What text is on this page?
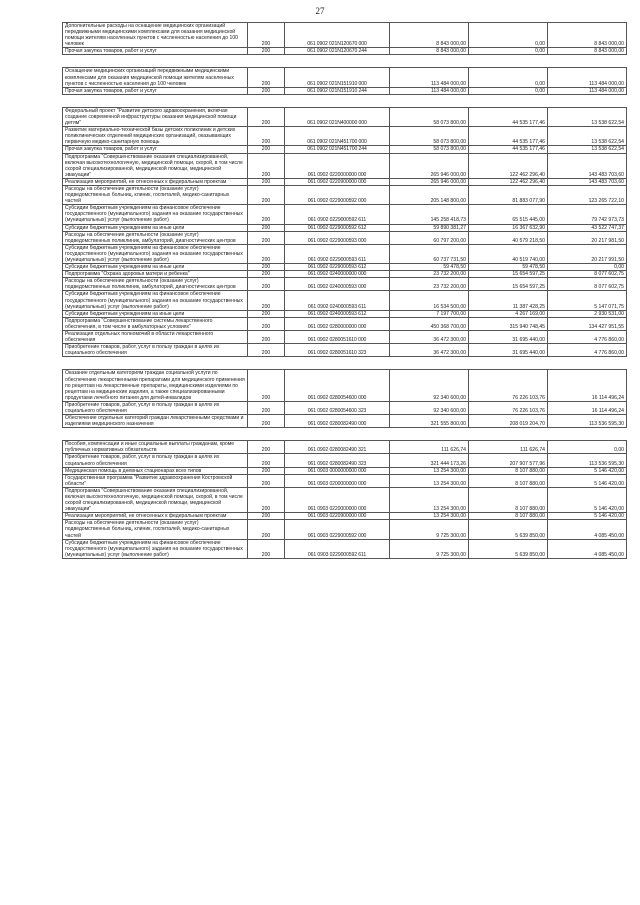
27
Дополнительные расходы на оснащение медицинских организаций передвижными медицинскими комплексами для оказания медицинской помощи жителям населенных пунктов с численностью населения до 100 человек	200	061 0902 021N120670 000	8 843 000,00	0,00	8 843 000,00
Прочая закупка товаров, работ и услуг	200	061 0902 021N120670 244	8 843 000,00	0,00	8 843 000,00

Оснащение медицинских организаций передвижными медицинскими комплексами для оказания медицинской помощи жителям населенных пунктов с численностью населения до 100 человек	200	061 0902 021N151910 000	113 484 000,00	0,00	113 484 000,00
Прочая закупка товаров, работ и услуг	200	061 0902 021N151910 244	113 484 000,00	0,00	113 484 000,00

Федеральный проект "Развитие детского здравоохранения, включая создание современной инфраструктуры оказания медицинской помощи детям"	200	061 0902 021N400000 000	58 073 800,00	44 535 177,46	13 538 622,54
Развитие материально-технической базы детских поликлиник и детских поликлинических отделений медицинских организаций, оказывающих первичную медико-санитарную помощь	200	061 0902 021N451700 000	58 073 800,00	44 535 177,46	13 538 622,54
Прочая закупка товаров, работ и услуг	200	061 0902 021N451700 244	58 073 800,00	44 535 177,46	13 538 622,54
Подпрограмма "Совершенствование оказания специализированной, включая высокотехнологичную, медицинской помощи, скорой, в том числе скорой специализированной, медицинской помощи, медицинской эвакуации"	200	061 0902 0220000000 000	265 946 000,00	122 462 296,40	143 483 703,60
Реализация мероприятий, не отнесенных к федеральным проектам	200	061 0902 0220900000 000	265 946 000,00	122 462 296,40	143 483 703,60
Расходы на обеспечение деятельности (оказание услуг) подведомственных больниц, клиник, госпиталей, медико-санитарных частей	200	061 0902 0229000592 000	205 148 800,00	81 883 077,90	123 265 722,10
Субсидии бюджетным учреждениям на финансовое обеспечение государственного (муниципального) задания на оказание государственных (муниципальных) услуг (выполнение работ)	200	061 0902 0229000592 611	145 258 418,73	65 515 445,00	79 742 973,73
Субсидии бюджетным учреждениям на иные цели	200	061 0902 0229000592 612	59 890 381,27	16 367 632,90	43 522 747,37
Расходы на обеспечение деятельности (оказание услуг) подведомственных поликлиник, амбулаторий, диагностических центров	200	061 0902 0229000593 000	60 797 200,00	40 579 218,50	20 217 981,50
Субсидии бюджетным учреждениям на финансовое обеспечение государственного (муниципального) задания на оказание государственных (муниципальных) услуг (выполнение работ)	200	061 0902 0229000593 611	60 737 731,50	40 519 740,00	20 217 991,50
Субсидии бюджетным учреждениям на иные цели	200	061 0902 0229000593 612	59 478,50	59 478,50	0,00
Подпрограмма "Охрана здоровья матери и ребенка"	200	061 0902 0240000000 000	23 732 200,00	15 654 597,25	8 077 602,75
Расходы на обеспечение деятельности (оказание услуг) подведомственных поликлиник, амбулаторий, диагностических центров	200	061 0902 0240000593 000	23 732 200,00	15 654 597,25	8 077 602,75
Субсидии бюджетным учреждениям на финансовое обеспечение государственного (муниципального) задания на оказание государственных (муниципальных) услуг (выполнение работ)	200	061 0902 0240000593 611	16 534 500,00	11 387 428,25	5 147 071,75
Субсидии бюджетным учреждениям на иные цели	200	061 0902 0240000593 612	7 197 700,00	4 267 169,00	2 930 531,00
Подпрограмма "Совершенствование системы лекарственного обеспечения, в том числе в амбулаторных условиях"	200	061 0902 0280000000 000	450 368 700,00	315 940 748,45	134 427 951,55
Реализация отдельных полномочий в области лекарственного обеспечения	200	061 0902 0280051610 000	36 472 300,00	31 695 440,00	4 776 860,00
Приобретение товаров, работ, услуг в пользу граждан в целях их социального обеспечения	200	061 0902 0280051610 323	36 472 300,00	31 695 440,00	4 776 860,00

Оказание отдельным категориям граждан социальной услуги по обеспечению лекарственными препаратами для медицинского применения по рецептам на лекарственные препараты, медицинскими изделиями по рецептам на медицинские изделия, а также специализированными продуктами лечебного питания для детей-инвалидов	200	061 0902 0280054600 000	92 340 600,00	76 226 103,76	16 114 496,24
Приобретение товаров, работ, услуг в пользу граждан в целях их социального обеспечения	200	061 0902 0280054600 323	92 340 600,00	76 226 103,76	16 114 496,24
Обеспечение отдельных категорий граждан лекарственными средствами и изделиями медицинского назначения	200	061 0902 0280082490 000	321 555 800,00	208 019 204,70	113 536 595,30

Пособия, компенсации и иные социальные выплаты гражданам, кроме публичных нормативных обязательств	200	061 0902 0280082490 321	111 626,74	111 626,74	0,00
Приобретение товаров, работ, услуг в пользу граждан в целях их социального обеспечения	200	061 0902 0280082490 323	321 444 173,26	207 907 577,96	113 536 595,30
Медицинская помощь в дневных стационарах всех типов	200	061 0903 0000000000 000	13 254 300,00	8 107 880,00	5 146 420,00
Государственная программа "Развитие здравоохранения Костромской области"	200	061 0903 0200000000 000	13 254 300,00	8 107 880,00	5 146 420,00
Подпрограмма "Совершенствование оказания специализированной, включая высокотехнологичную, медицинской помощи, скорой, в том числе скорой специализированной, медицинской помощи, медицинской эвакуации"	200	061 0903 0220000000 000	13 254 300,00	8 107 880,00	5 146 420,00
Реализация мероприятий, не отнесенных к федеральным проектам	200	061 0903 0220900000 000	13 254 300,00	8 107 880,00	5 146 420,00
Расходы на обеспечение деятельности (оказание услуг) подведомственных больниц, клиник, госпиталей, медико-санитарных частей	200	061 0903 0229000592 000	9 725 300,00	5 639 850,00	4 085 450,00
Субсидии бюджетным учреждениям на финансовое обеспечение государственного (муниципального) задания на оказание государственных (муниципальных) услуг (выполнение работ)	200	061 0903 0229000592 611	9 725 300,00	5 639 850,00	4 085 450,00
